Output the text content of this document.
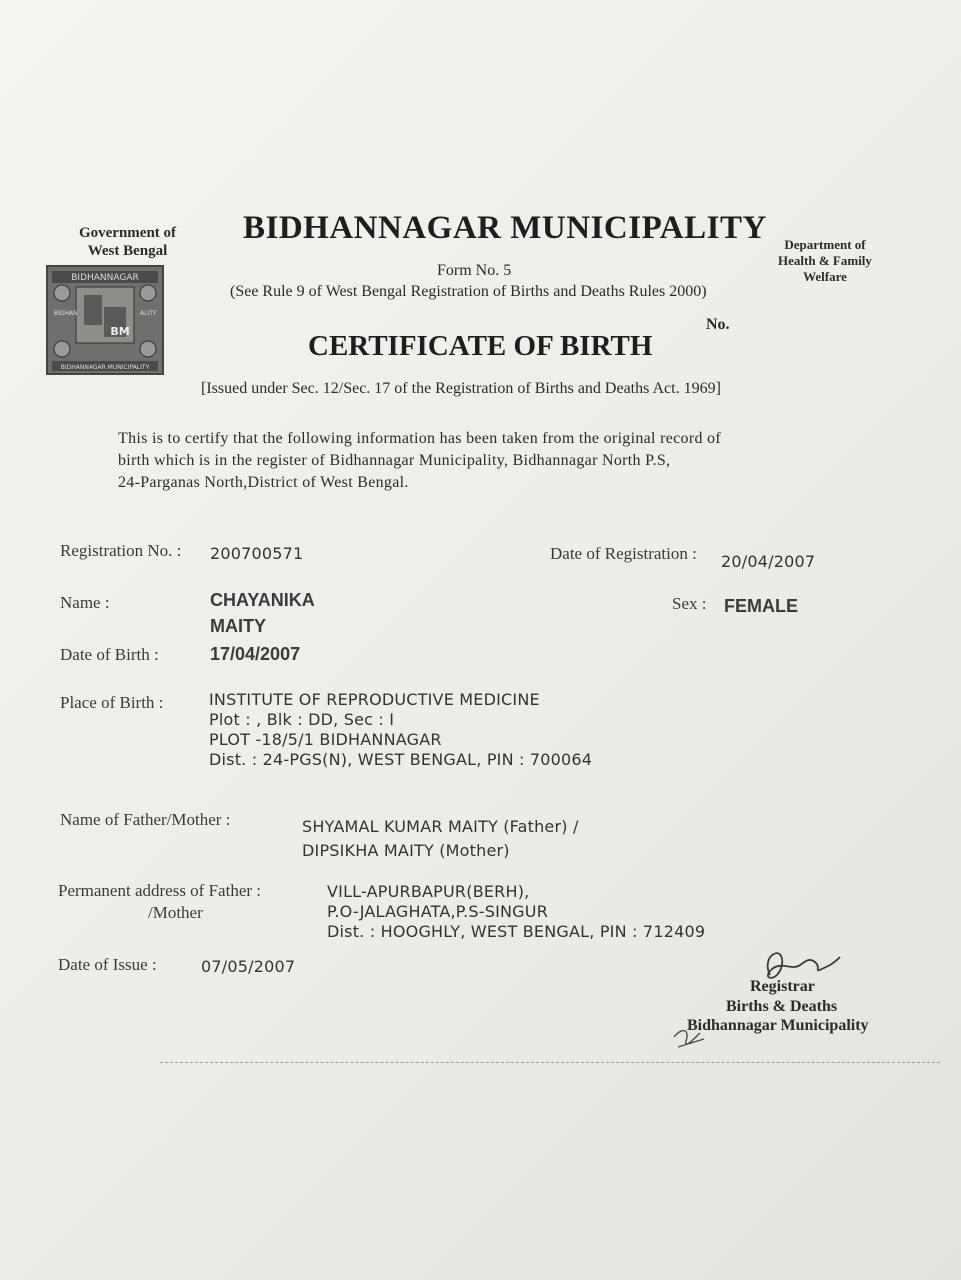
Government of West Bengal
BIDHANNAGAR
BM
BIDHAN	ALITY
BIDHANNAGAR MUNICIPALITY
BIDHANNAGAR MUNICIPALITY
Form No. 5
(See Rule 9 of West Bengal Registration of Births and Deaths Rules 2000)
Department of Health & Family Welfare
No.
CERTIFICATE OF BIRTH
[Issued under Sec. 12/Sec. 17 of the Registration of Births and Deaths Act. 1969]
This is to certify that the following information has been taken from the original record of
birth which is in the register of Bidhannagar Municipality, Bidhannagar North P.S,
24-Parganas North,District of West Bengal.
Registration No. : 200700571	Date of Registration : 20/04/2007
Name :	CHAYANIKA
MAITY
Sex : FEMALE
Date of Birth :	17/04/2007
Place of Birth :	INSTITUTE OF REPRODUCTIVE MEDICINE
Plot : , Blk : DD, Sec : I
PLOT -18/5/1 BIDHANNAGAR
Dist. : 24-PGS(N), WEST BENGAL, PIN : 700064
Name of Father/Mother :	SHYAMAL KUMAR MAITY (Father) /
DIPSIKHA MAITY (Mother)
Permanent address of Father :
/Mother
VILL-APURBAPUR(BERH),
P.O-JALAGHATA,P.S-SINGUR
Dist. : HOOGHLY, WEST BENGAL, PIN : 712409
Date of Issue :	07/05/2007
Registrar
Births & Deaths
Bidhannagar Municipality
